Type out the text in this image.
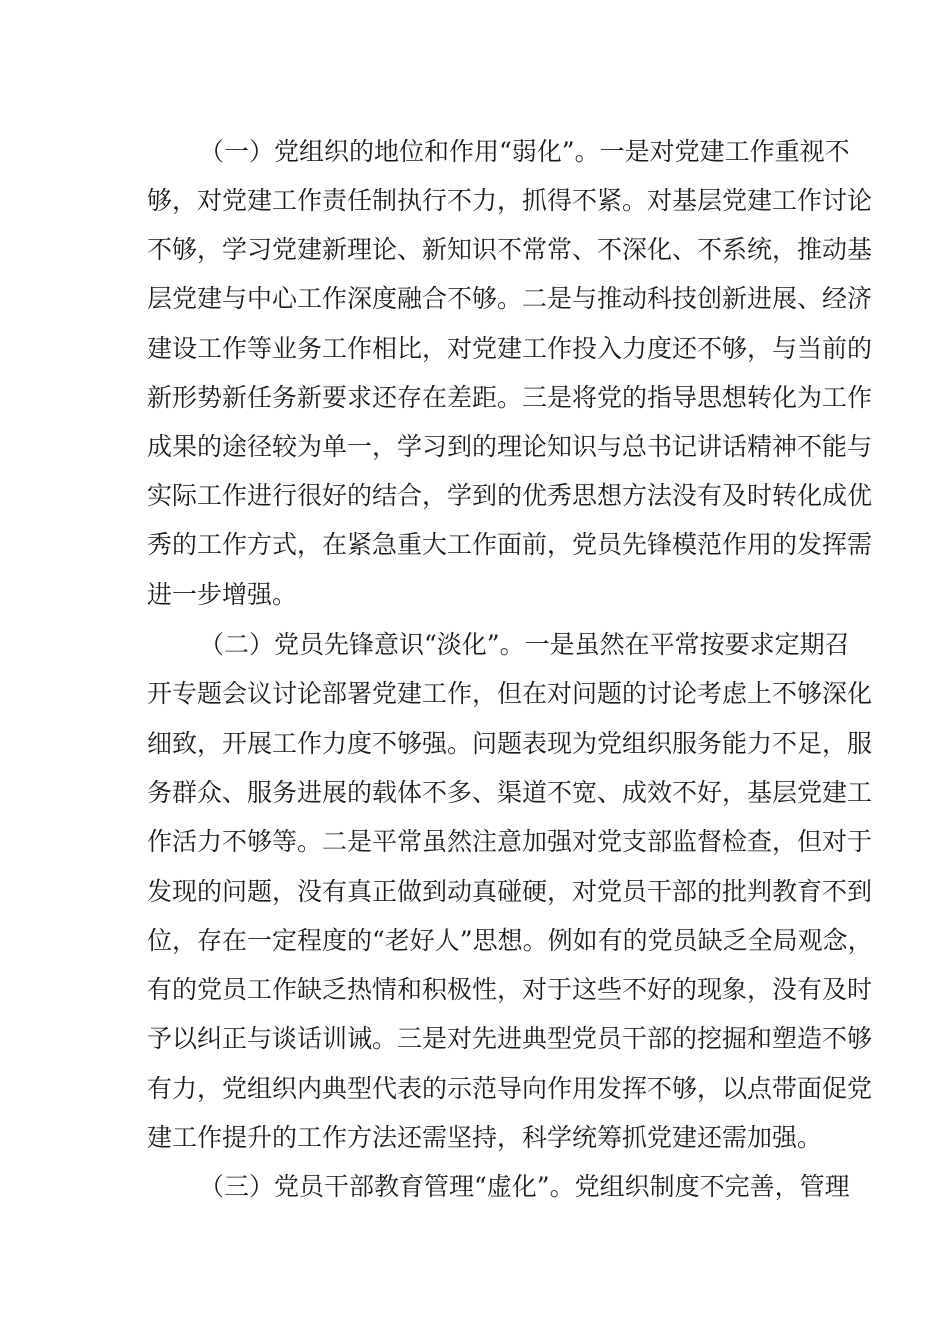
（一）党组织的地位和作用“弱化”。一是对党建工作重视不

够，对党建工作责任制执行不力，抓得不紧。对基层党建工作讨论

不够，学习党建新理论、新知识不常常、不深化、不系统，推动基

层党建与中心工作深度融合不够。二是与推动科技创新进展、经济

建设工作等业务工作相比，对党建工作投入力度还不够，与当前的

新形势新任务新要求还存在差距。三是将党的指导思想转化为工作

成果的途径较为单一，学习到的理论知识与总书记讲话精神不能与

实际工作进行很好的结合，学到的优秀思想方法没有及时转化成优

秀的工作方式，在紧急重大工作面前，党员先锋模范作用的发挥需

进一步增强。

（二）党员先锋意识“淡化”。一是虽然在平常按要求定期召

开专题会议讨论部署党建工作，但在对问题的讨论考虑上不够深化

细致，开展工作力度不够强。问题表现为党组织服务能力不足，服

务群众、服务进展的载体不多、渠道不宽、成效不好，基层党建工

作活力不够等。二是平常虽然注意加强对党支部监督检查，但对于

发现的问题，没有真正做到动真碰硬，对党员干部的批判教育不到

位，存在一定程度的“老好人”思想。例如有的党员缺乏全局观念，

有的党员工作缺乏热情和积极性，对于这些不好的现象，没有及时

予以纠正与谈话训诫。三是对先进典型党员干部的挖掘和塑造不够

有力，党组织内典型代表的示范导向作用发挥不够，以点带面促党

建工作提升的工作方法还需坚持，科学统筹抓党建还需加强。

（三）党员干部教育管理“虚化”。党组织制度不完善，管理
